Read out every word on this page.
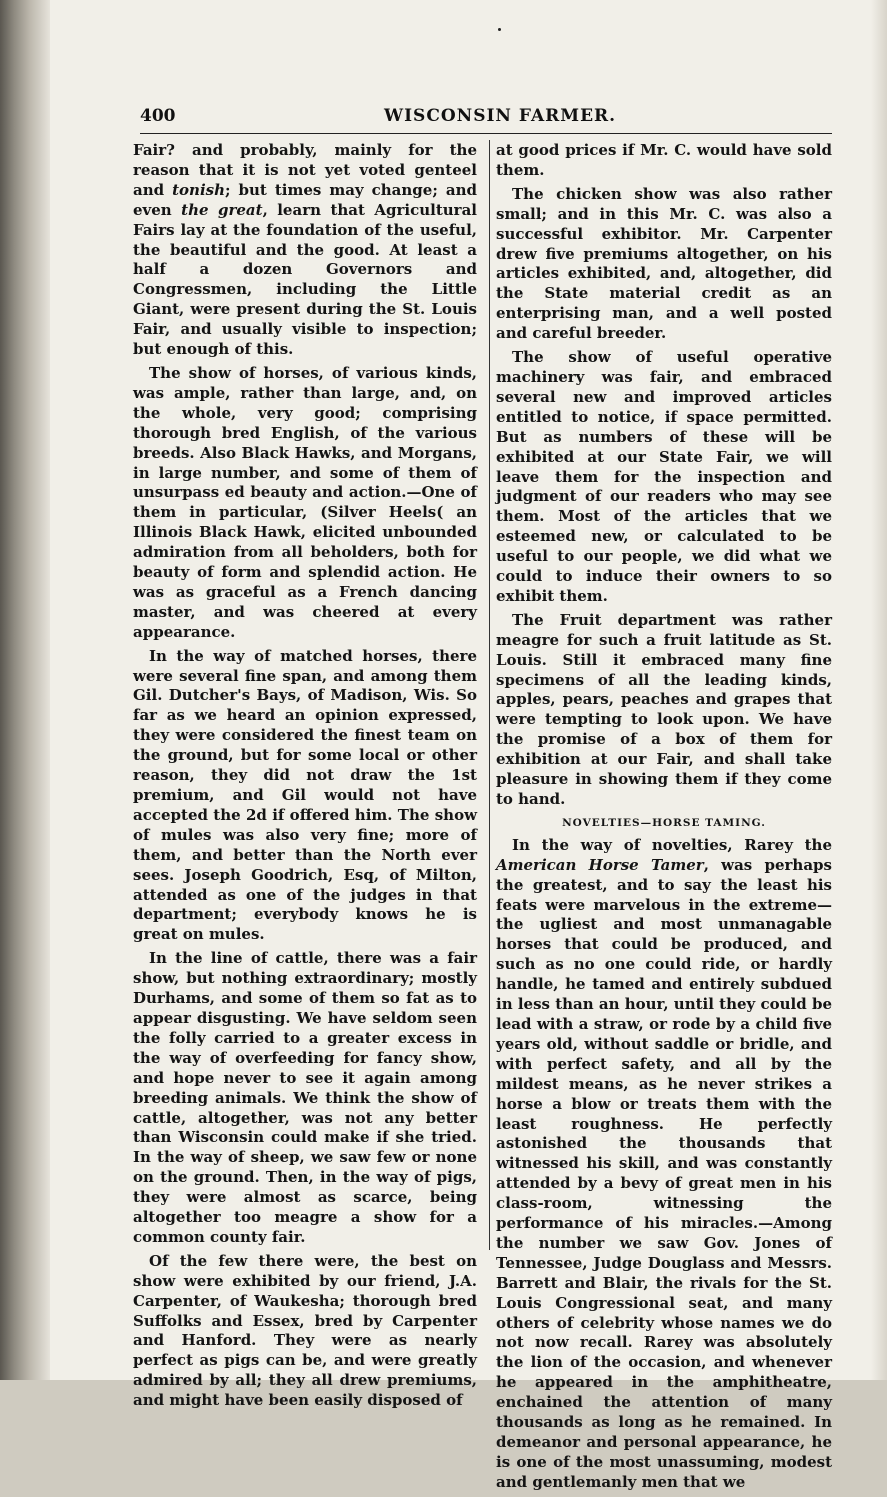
400	WISCONSIN FARMER.

Fair? and probably, mainly for the reason that it is not yet voted genteel and tonish; but times may change; and even the great, learn that Agricultural Fairs lay at the foundation of the useful, the beautiful and the good. At least a half a dozen Governors and Congressmen, including the Little Giant, were present during the St. Louis Fair, and usually visible to inspection; but enough of this.

The show of horses, of various kinds, was ample, rather than large, and, on the whole, very good; comprising thorough bred English, of the various breeds. Also Black Hawks, and Morgans, in large number, and some of them of unsurpass ed beauty and action.—One of them in particular, (Silver Heels( an Illinois Black Hawk, elicited unbounded admiration from all beholders, both for beauty of form and splendid action. He was as graceful as a French dancing master, and was cheered at every appearance.

In the way of matched horses, there were several fine span, and among them Gil. Dutcher's Bays, of Madison, Wis. So far as we heard an opinion expressed, they were considered the finest team on the ground, but for some local or other reason, they did not draw the 1st premium, and Gil would not have accepted the 2d if offered him. The show of mules was also very fine; more of them, and better than the North ever sees. Joseph Goodrich, Esq, of Milton, attended as one of the judges in that department; everybody knows he is great on mules.

In the line of cattle, there was a fair show, but nothing extraordinary; mostly Durhams, and some of them so fat as to appear disgusting. We have seldom seen the folly carried to a greater excess in the way of overfeeding for fancy show, and hope never to see it again among breeding animals. We think the show of cattle, altogether, was not any better than Wisconsin could make if she tried. In the way of sheep, we saw few or none on the ground. Then, in the way of pigs, they were almost as scarce, being altogether too meagre a show for a common county fair.

Of the few there were, the best on show were exhibited by our friend, J.A. Carpenter, of Waukesha; thorough bred Suffolks and Essex, bred by Carpenter and Hanford. They were as nearly perfect as pigs can be, and were greatly admired by all; they all drew premiums, and might have been easily disposed of

at good prices if Mr. C. would have sold them.

The chicken show was also rather small; and in this Mr. C. was also a successful exhibitor. Mr. Carpenter drew five premiums altogether, on his articles exhibited, and, altogether, did the State material credit as an enterprising man, and a well posted and careful breeder.

The show of useful operative machinery was fair, and embraced several new and improved articles entitled to notice, if space permitted. But as numbers of these will be exhibited at our State Fair, we will leave them for the inspection and judgment of our readers who may see them. Most of the articles that we esteemed new, or calculated to be useful to our people, we did what we could to induce their owners to so exhibit them.

The Fruit department was rather meagre for such a fruit latitude as St. Louis. Still it embraced many fine specimens of all the leading kinds, apples, pears, peaches and grapes that were tempting to look upon. We have the promise of a box of them for exhibition at our Fair, and shall take pleasure in showing them if they come to hand.

NOVELTIES—HORSE TAMING.

In the way of novelties, Rarey the American Horse Tamer, was perhaps the greatest, and to say the least his feats were marvelous in the extreme—the ugliest and most unmanagable horses that could be produced, and such as no one could ride, or hardly handle, he tamed and entirely subdued in less than an hour, until they could be lead with a straw, or rode by a child five years old, without saddle or bridle, and with perfect safety, and all by the mildest means, as he never strikes a horse a blow or treats them with the least roughness. He perfectly astonished the thousands that witnessed his skill, and was constantly attended by a bevy of great men in his class-room, witnessing the performance of his miracles.—Among the number we saw Gov. Jones of Tennessee, Judge Douglass and Messrs. Barrett and Blair, the rivals for the St. Louis Congressional seat, and many others of celebrity whose names we do not now recall. Rarey was absolutely the lion of the occasion, and whenever he appeared in the amphitheatre, enchained the attention of many thousands as long as he remained. In demeanor and personal appearance, he is one of the most unassuming, modest and gentlemanly men that we
